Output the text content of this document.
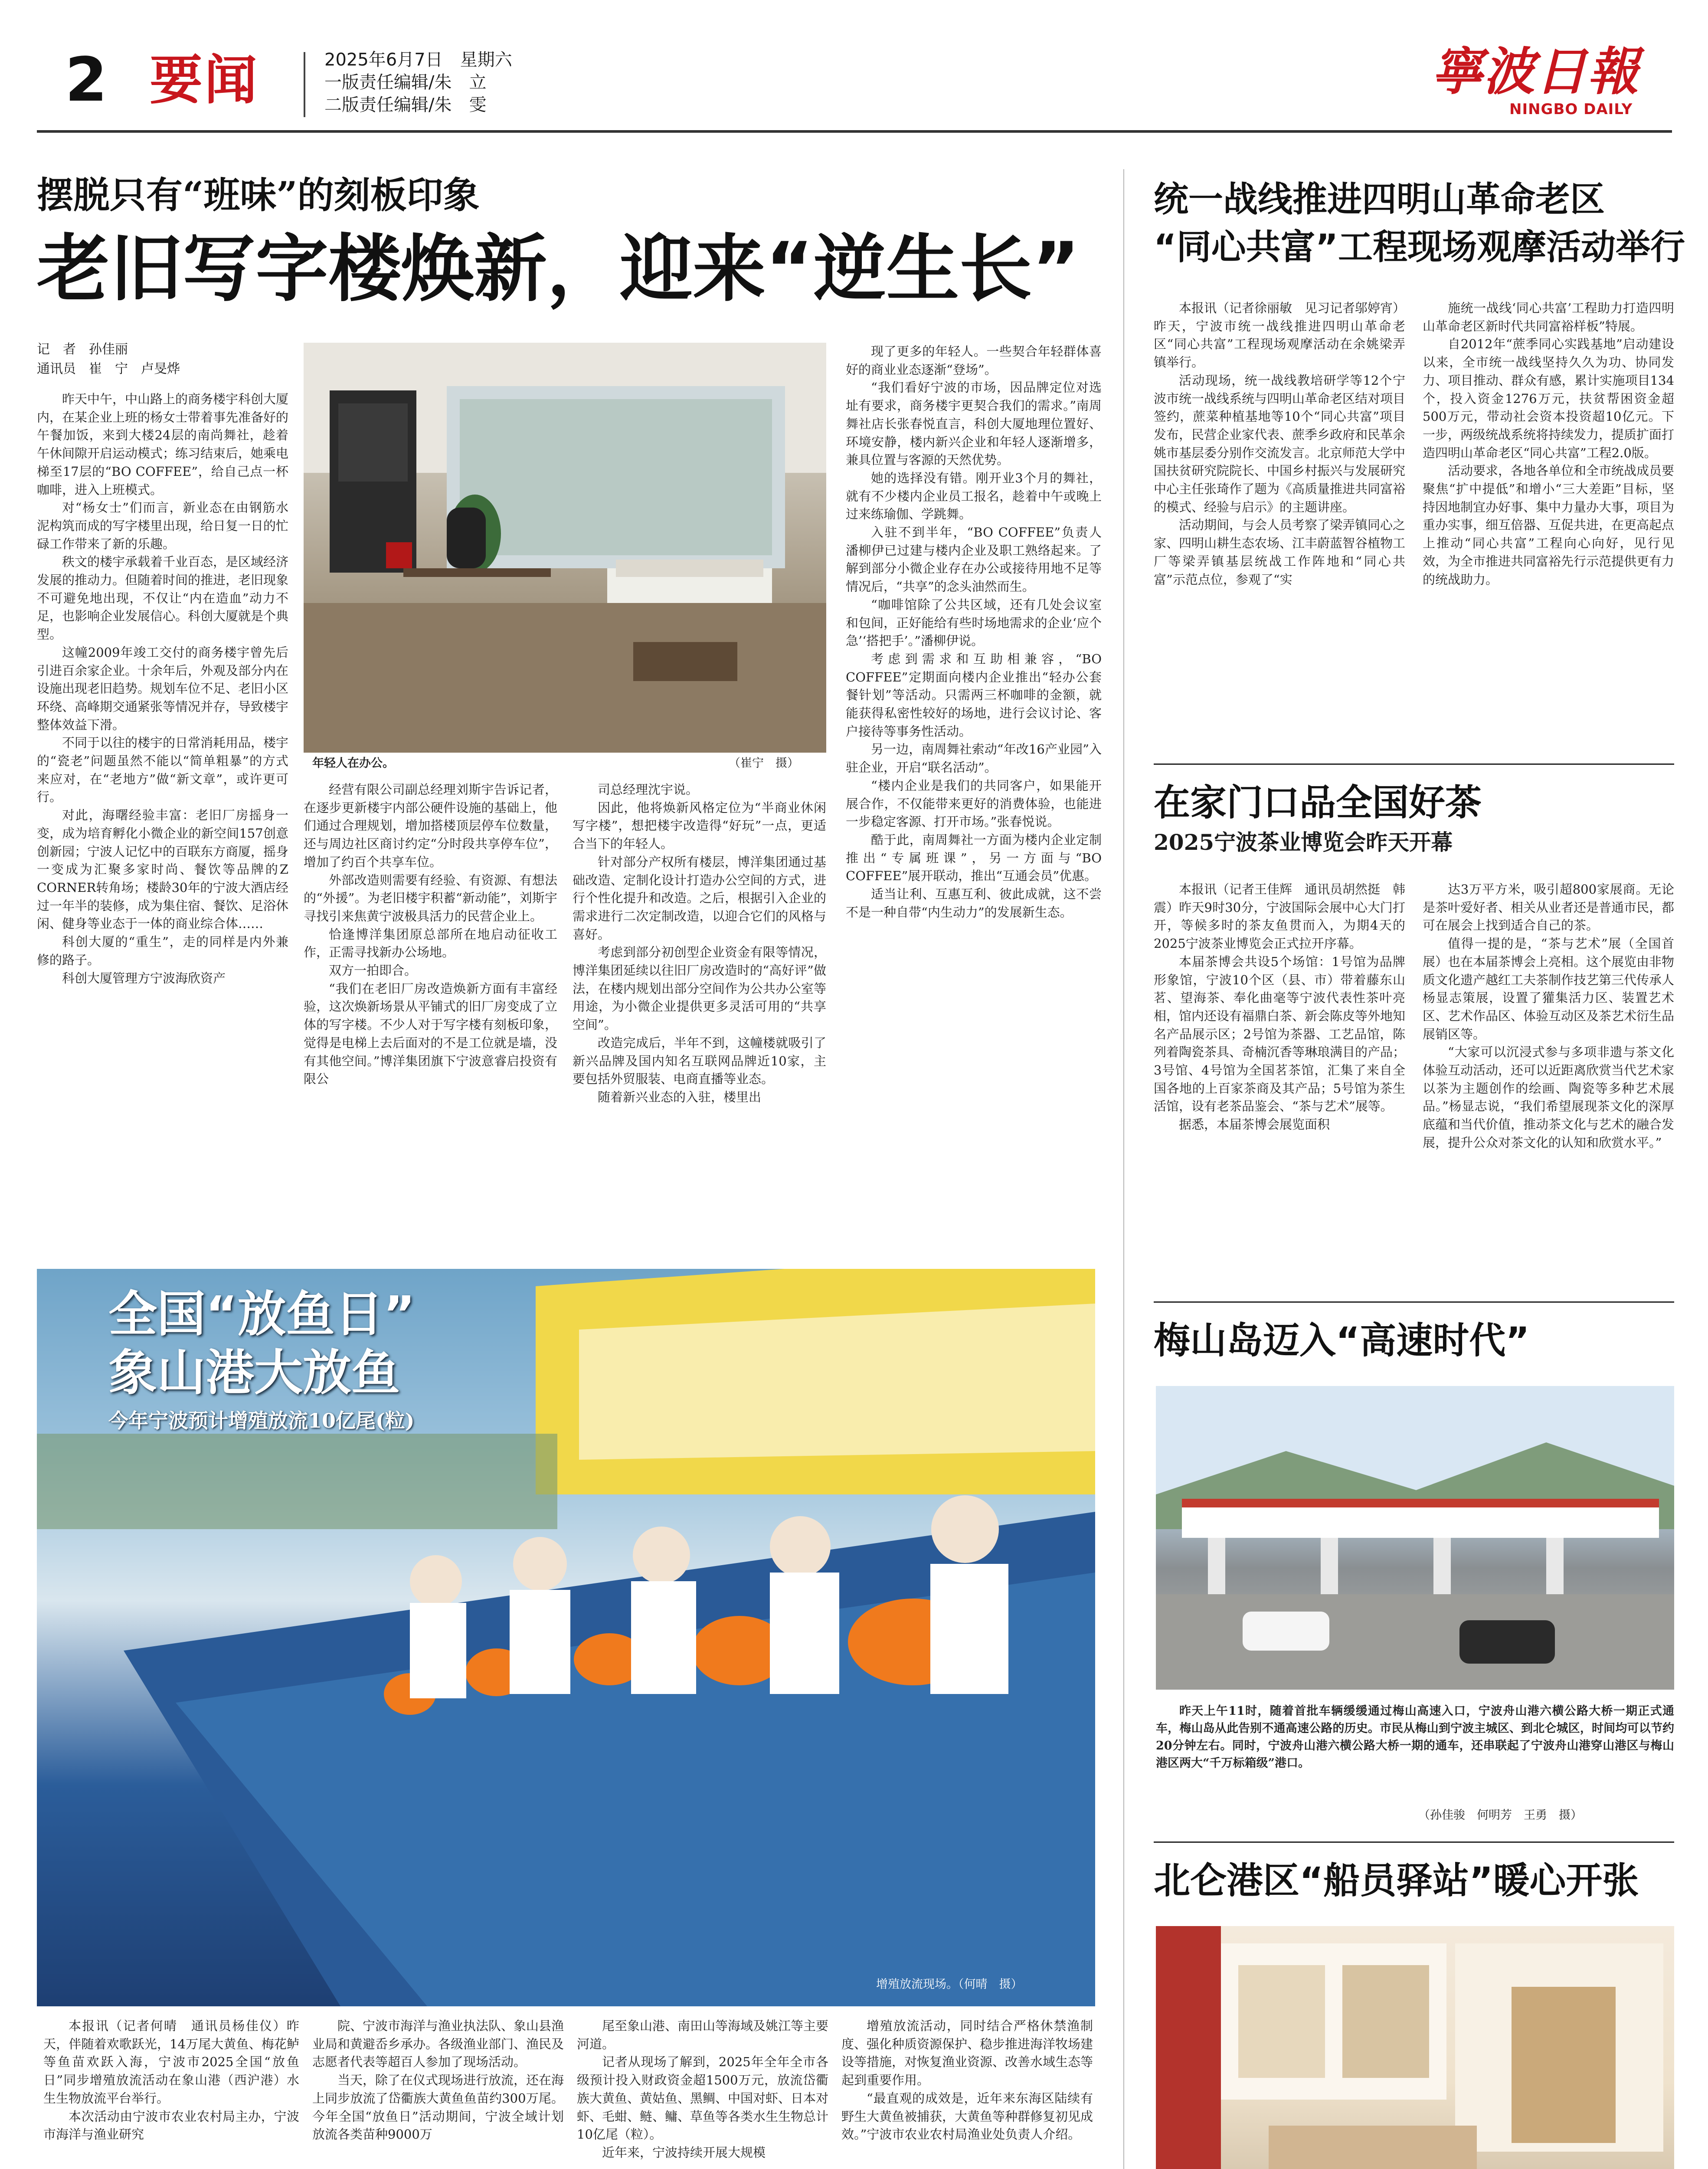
2 要闻	2025年6月7日　星期六
一版责任编辑/朱　立
二版责任编辑/朱　雯
寧波日報
NINGBO DAILY
摆脱只有“班味”的刻板印象
老旧写字楼焕新，迎来“逆生长”
记　者　孙佳丽
通讯员　崔　宁　卢旻烨

昨天中午，中山路上的商务楼宇科创大厦内，在某企业上班的杨女士带着事先准备好的午餐加饭，来到大楼24层的南尚舞社，趁着午休间隙开启运动模式；练习结束后，她乘电梯至17层的“BO COFFEE”，给自己点一杯咖啡，进入上班模式。

对“杨女士”们而言，新业态在由钢筋水泥构筑而成的写字楼里出现，给日复一日的忙碌工作带来了新的乐趣。

秩文的楼宇承载着千业百态，是区域经济发展的推动力。但随着时间的推进，老旧现象不可避免地出现，不仅让“内在造血”动力不足，也影响企业发展信心。科创大厦就是个典型。

这幢2009年竣工交付的商务楼宇曾先后引进百余家企业。十余年后，外观及部分内在设施出现老旧趋势。规划车位不足、老旧小区环绕、高峰期交通紧张等情况并存，导致楼宇整体效益下滑。

不同于以往的楼宇的日常消耗用品，楼宇的“瓷老”问题虽然不能以“简单粗暴”的方式来应对，在“老地方”做“新文章”，或许更可行。

对此，海曙经验丰富：老旧厂房摇身一变，成为培育孵化小微企业的新空间157创意创新园；宁波人记忆中的百联东方商厦，摇身一变成为汇聚多家时尚、餐饮等品牌的Z CORNER转角场；楼龄30年的宁波大酒店经过一年半的装修，成为集住宿、餐饮、足浴休闲、健身等业态于一体的商业综合体……

科创大厦的“重生”，走的同样是内外兼修的路子。

科创大厦管理方宁波海欣资产

年轻人在办公。	（崔宁　摄）

经营有限公司副总经理刘斯宇告诉记者，在逐步更新楼宇内部公硬件设施的基础上，他们通过合理规划，增加搭楼顶层停车位数量，还与周边社区商讨约定“分时段共享停车位”，增加了约百个共享车位。

外部改造则需要有经验、有资源、有想法的“外援”。为老旧楼宇积蓄“新动能”，刘斯宇寻找引来焦黄宁波极具活力的民营企业上。

恰逢博洋集团原总部所在地启动征收工作，正需寻找新办公场地。

双方一拍即合。

“我们在老旧厂房改造焕新方面有丰富经验，这次焕新场景从平铺式的旧厂房变成了立体的写字楼。不少人对于写字楼有刻板印象，觉得是电梯上去后面对的不是工位就是墙，没有其他空间。”博洋集团旗下宁波意睿启投资有限公

司总经理沈宇说。

因此，他将焕新风格定位为“半商业休闲写字楼”，想把楼宇改造得“好玩”一点，更适合当下的年轻人。

针对部分产权所有楼层，博洋集团通过基础改造、定制化设计打造办公空间的方式，进行个性化提升和改造。之后，根据引入企业的需求进行二次定制改造，以迎合它们的风格与喜好。

考虑到部分初创型企业资金有限等情况，博洋集团延续以往旧厂房改造时的“高好评”做法，在楼内规划出部分空间作为公共办公室等用途，为小微企业提供更多灵活可用的“共享空间”。

改造完成后，半年不到，这幢楼就吸引了新兴品牌及国内知名互联网品牌近10家，主要包括外贸服装、电商直播等业态。

随着新兴业态的入驻，楼里出

现了更多的年轻人。一些契合年轻群体喜好的商业业态逐渐“登场”。

“我们看好宁波的市场，因品牌定位对选址有要求，商务楼宇更契合我们的需求。”南周舞社店长张春悦直言，科创大厦地理位置好、环境安静，楼内新兴企业和年轻人逐渐增多，兼具位置与客源的天然优势。

她的选择没有错。刚开业3个月的舞社，就有不少楼内企业员工报名，趁着中午或晚上过来练瑜伽、学跳舞。

入驻不到半年，“BO COFFEE”负责人潘柳伊已过建与楼内企业及职工熟络起来。了解到部分小微企业存在办公或接待用地不足等情况后，“共享”的念头油然而生。

“咖啡馆除了公共区域，还有几处会议室和包间，正好能给有些时场地需求的企业‘应个急’‘搭把手’。”潘柳伊说。

考虑到需求和互助相兼容，“BO COFFEE”定期面向楼内企业推出“轻办公套餐针划”等活动。只需两三杯咖啡的金额，就能获得私密性较好的场地，进行会议讨论、客户接待等事务性活动。

另一边，南周舞社索动“年改16产业园”入驻企业，开启“联名活动”。

“楼内企业是我们的共同客户，如果能开展合作，不仅能带来更好的消费体验，也能进一步稳定客源、打开市场。”张春悦说。

酷于此，南周舞社一方面为楼内企业定制推出“专属班课”，另一方面与“BO COFFEE”展开联动，推出“互通会员”优惠。

适当让利、互惠互利、彼此成就，这不尝不是一种自带“内生动力”的发展新生态。

统一战线推进四明山革命老区
“同心共富”工程现场观摩活动举行

本报讯（记者徐丽敏　见习记者邬婷宵）昨天，宁波市统一战线推进四明山革命老区“同心共富”工程现场观摩活动在余姚梁弄镇举行。

活动现场，统一战线教培研学等12个宁波市统一战线系统与四明山革命老区结对项目签约，蔗菜种植基地等10个“同心共富”项目发布，民营企业家代表、蔗季乡政府和民革余姚市基层委分别作交流发言。北京师范大学中国扶贫研究院院长、中国乡村振兴与发展研究中心主任张琦作了题为《高质量推进共同富裕的模式、经验与启示》的主题讲座。

活动期间，与会人员考察了梁弄镇同心之家、四明山耕生态农场、江丰蔚蓝智谷植物工厂等梁弄镇基层统战工作阵地和“同心共富”示范点位，参观了“实

施统一战线‘同心共富’工程助力打造四明山革命老区新时代共同富裕样板”特展。

自2012年“蔗季同心实践基地”启动建设以来，全市统一战线坚持久久为功、协同发力、项目推动、群众有感，累计实施项目134个，投入资金1276万元，扶贫帮困资金超500万元，带动社会资本投资超10亿元。下一步，两级统战系统将持续发力，提质扩面打造四明山革命老区“同心共富”工程2.0版。

活动要求，各地各单位和全市统战成员要聚焦“扩中提低”和增小“三大差距”目标，坚持因地制宜办好事、集中力量办大事，项目为重办实事，细互倍器、互促共进，在更高起点上推动“同心共富”工程向心向好，见行见效，为全市推进共同富裕先行示范提供更有力的统战助力。

在家门口品全国好茶
2025宁波茶业博览会昨天开幕

本报讯（记者王佳辉　通讯员胡然挺　韩震）昨天9时30分，宁波国际会展中心大门打开，等候多时的茶友鱼贯而入，为期4天的2025宁波茶业博览会正式拉开序幕。

本届茶博会共设5个场馆：1号馆为品牌形象馆，宁波10个区（县、市）带着藤东山茗、望海茶、奉化曲毫等宁波代表性茶叶亮相，馆内还设有福鼎白茶、新会陈皮等外地知名产品展示区；2号馆为茶器、工艺品馆，陈列着陶瓷茶具、奇楠沉香等琳琅满目的产品；3号馆、4号馆为全国茗茶馆，汇集了来自全国各地的上百家茶商及其产品；5号馆为茶生活馆，设有老茶品鉴会、“茶与艺术”展等。

据悉，本届茶博会展览面积

达3万平方米，吸引超800家展商。无论是茶叶爱好者、相关从业者还是普通市民，都可在展会上找到适合自己的茶。

值得一提的是，“茶与艺术”展（全国首展）也在本届茶博会上亮相。这个展览由非物质文化遗产越红工夫茶制作技艺第三代传承人杨显志策展，设置了獾集活力区、装置艺术区、艺术作品区、体验互动区及茶艺术衍生品展销区等。

“大家可以沉浸式参与多项非遗与茶文化体验互动活动，还可以近距离欣赏当代艺术家以茶为主题创作的绘画、陶瓷等多种艺术展品。”杨显志说，“我们希望展现茶文化的深厚底蕴和当代价值，推动茶文化与艺术的融合发展，提升公众对茶文化的认知和欣赏水平。”

全国“放鱼日”
象山港大放鱼
今年宁波预计增殖放流10亿尾(粒)
增殖放流现场。（何晴　摄）

本报讯（记者何晴　通讯员杨佳仪）昨天，伴随着欢歌跃光，14万尾大黄鱼、梅花鲈等鱼苗欢跃入海，宁波市2025全国“放鱼日”同步增殖放流活动在象山港（西沪港）水生生物放流平台举行。

本次活动由宁波市农业农村局主办，宁波市海洋与渔业研究

院、宁波市海洋与渔业执法队、象山县渔业局和黄避岙乡承办。各级渔业部门、渔民及志愿者代表等超百人参加了现场活动。

当天，除了在仪式现场进行放流，还在海上同步放流了岱衢族大黄鱼鱼苗约300万尾。今年全国“放鱼日”活动期间，宁波全域计划放流各类苗种9000万

尾至象山港、南田山等海域及姚江等主要河道。

记者从现场了解到，2025年全年全市各级预计投入财政资金超1500万元，放流岱衢族大黄鱼、黄姑鱼、黑鲷、中国对虾、日本对虾、毛蚶、鲢、鳙、草鱼等各类水生生物总计10亿尾（粒）。

近年来，宁波持续开展大规模

增殖放流活动，同时结合严格休禁渔制度、强化种质资源保护、稳步推进海洋牧场建设等措施，对恢复渔业资源、改善水域生态等起到重要作用。

“最直观的成效是，近年来东海区陆续有野生大黄鱼被捕获，大黄鱼等种群修复初见成效。”宁波市农业农村局渔业处负责人介绍。

梅山岛迈入“高速时代”
梅山
昨天上午11时，随着首批车辆缓缓通过梅山高速入口，宁波舟山港六横公路大桥一期正式通车，梅山岛从此告别不通高速公路的历史。市民从梅山到宁波主城区、到北仑城区，时间均可以节约20分钟左右。同时，宁波舟山港六横公路大桥一期的通车，还串联起了宁波舟山港穿山港区与梅山港区两大“千万标箱级”港口。
（孙佳骏　何明芳　王勇　摄）
北仑港区“船员驿站”暖心开张
